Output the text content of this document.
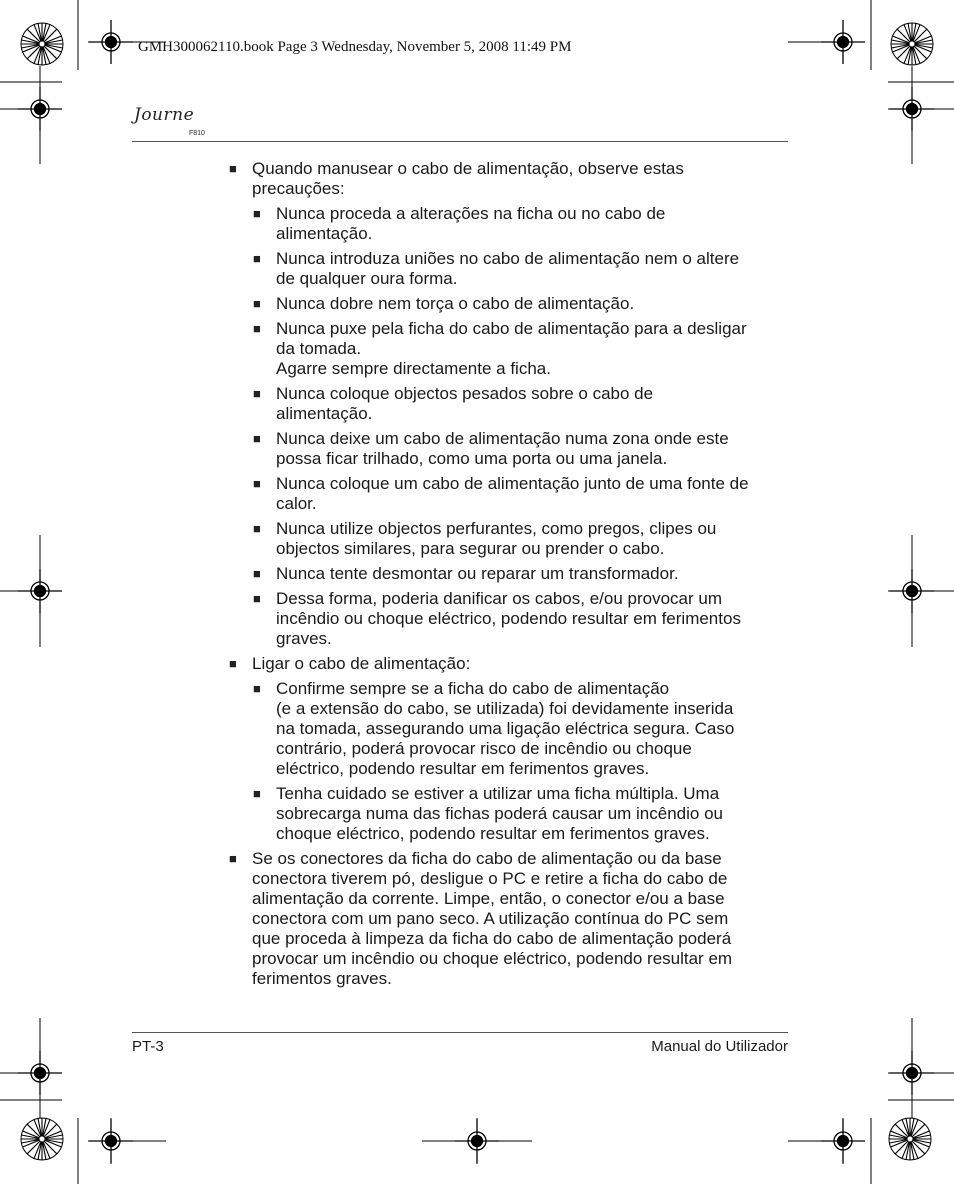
GMH300062110.book Page 3 Wednesday, November 5, 2008 11:49 PM
Journe
F810
■ Quando manusear o cabo de alimentação, observe estas
precauções:
■ Nunca proceda a alterações na ficha ou no cabo de
alimentação.
■ Nunca introduza uniões no cabo de alimentação nem o altere
de qualquer oura forma.
■ Nunca dobre nem torça o cabo de alimentação.
■ Nunca puxe pela ficha do cabo de alimentação para a desligar
da tomada.
Agarre sempre directamente a ficha.
■ Nunca coloque objectos pesados sobre o cabo de
alimentação.
■ Nunca deixe um cabo de alimentação numa zona onde este
possa ficar trilhado, como uma porta ou uma janela.
■ Nunca coloque um cabo de alimentação junto de uma fonte de
calor.
■ Nunca utilize objectos perfurantes, como pregos, clipes ou
objectos similares, para segurar ou prender o cabo.
■ Nunca tente desmontar ou reparar um transformador.
■ Dessa forma, poderia danificar os cabos, e/ou provocar um
incêndio ou choque eléctrico, podendo resultar em ferimentos
graves.
■ Ligar o cabo de alimentação:
■ Confirme sempre se a ficha do cabo de alimentação
(e a extensão do cabo, se utilizada) foi devidamente inserida
na tomada, assegurando uma ligação eléctrica segura. Caso
contrário, poderá provocar risco de incêndio ou choque
eléctrico, podendo resultar em ferimentos graves.
■ Tenha cuidado se estiver a utilizar uma ficha múltipla. Uma
sobrecarga numa das fichas poderá causar um incêndio ou
choque eléctrico, podendo resultar em ferimentos graves.
■ Se os conectores da ficha do cabo de alimentação ou da base
conectora tiverem pó, desligue o PC e retire a ficha do cabo de
alimentação da corrente. Limpe, então, o conector e/ou a base
conectora com um pano seco. A utilização contínua do PC sem
que proceda à limpeza da ficha do cabo de alimentação poderá
provocar um incêndio ou choque eléctrico, podendo resultar em
ferimentos graves.
PT-3	Manual do Utilizador
